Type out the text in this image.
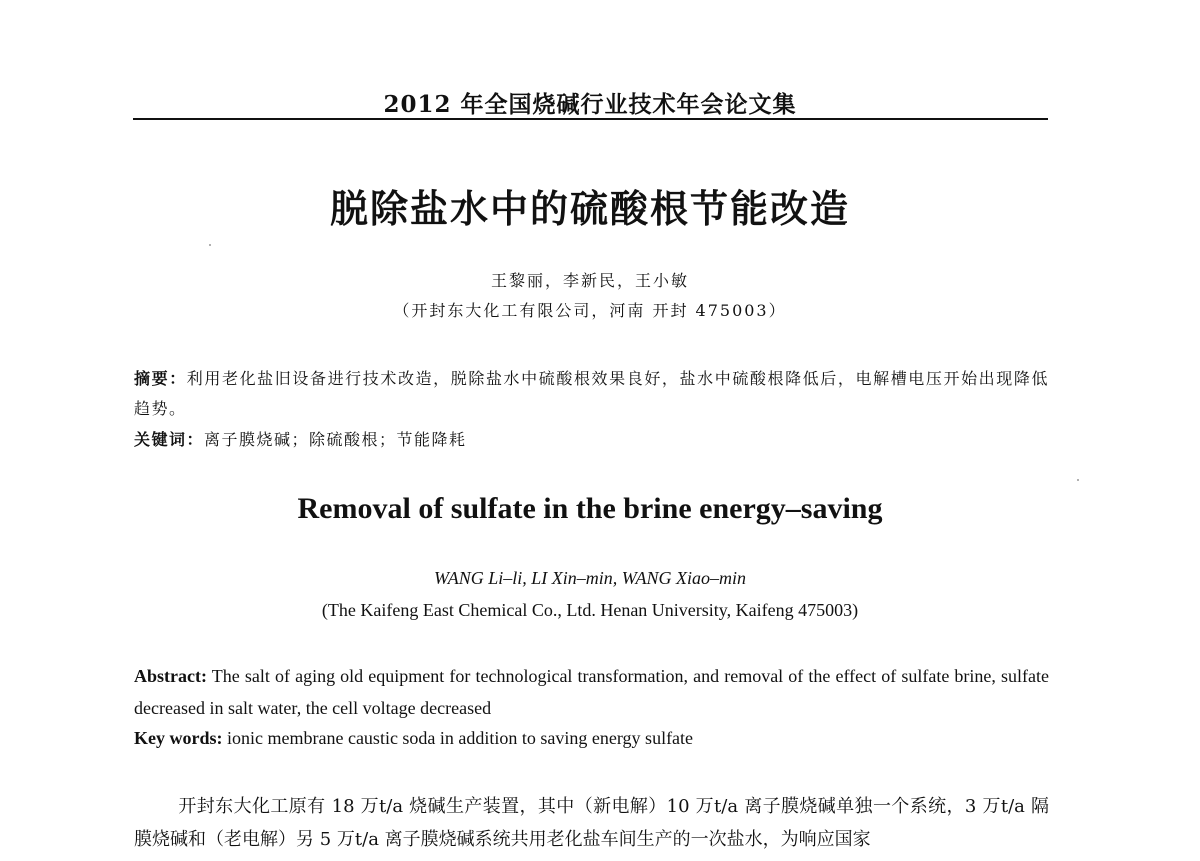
2012 年全国烧碱行业技术年会论文集
脱除盐水中的硫酸根节能改造
王黎丽，李新民，王小敏
（开封东大化工有限公司，河南 开封 475003）
摘要：利用老化盐旧设备进行技术改造，脱除盐水中硫酸根效果良好，盐水中硫酸根降低后，电解槽电压开始出现降低趋势。
关键词：离子膜烧碱；除硫酸根；节能降耗
Removal of sulfate in the brine energy–saving
WANG Li–li, LI Xin–min, WANG Xiao–min
(The Kaifeng East Chemical Co., Ltd. Henan University, Kaifeng 475003)
Abstract: The salt of aging old equipment for technological transformation, and removal of the effect of sulfate brine, sulfate decreased in salt water, the cell voltage decreased
Key words: ionic membrane caustic soda in addition to saving energy sulfate
开封东大化工原有 18 万t/a 烧碱生产装置，其中（新电解）10 万t/a 离子膜烧碱单独一个系统，3 万t/a 隔膜烧碱和（老电解）另 5 万t/a 离子膜烧碱系统共用老化盐车间生产的一次盐水，为响应国家
